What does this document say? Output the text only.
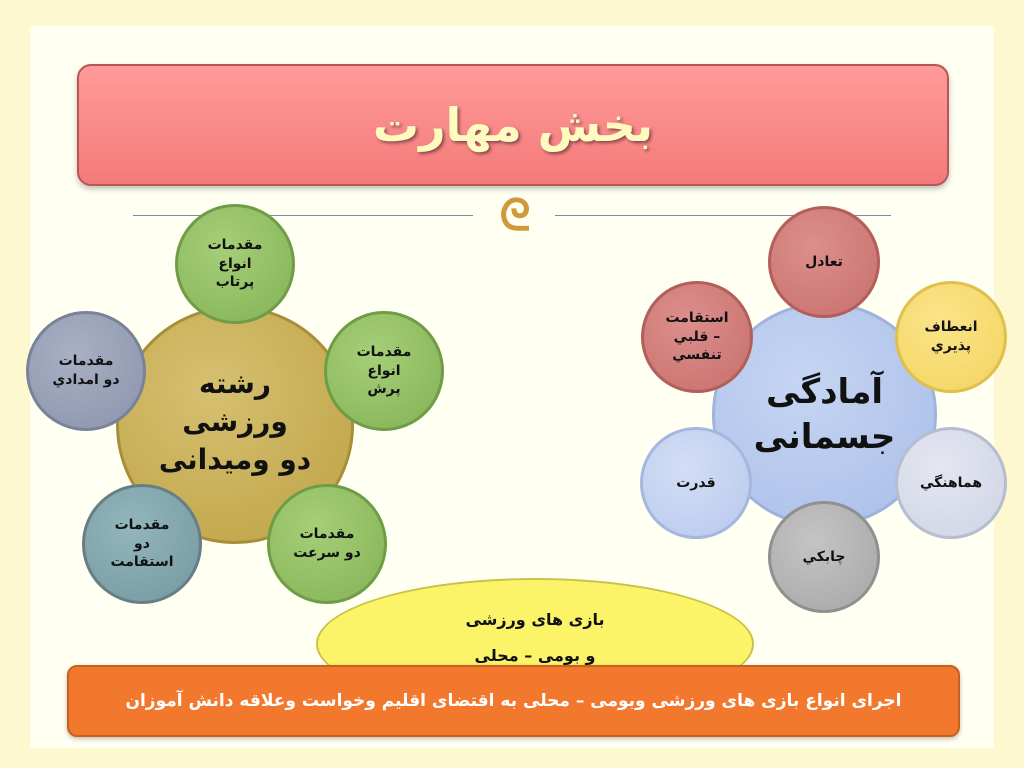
بخش مهارت
ᘓ
رشته
ورزشی
دو ومیدانی
مقدمات
انواع
پرتاب
مقدمات
انواع
پرش
مقدمات
دو امدادي
مقدمات
دو
استقامت
مقدمات
دو سرعت
آمادگی
جسمانی
تعادل
استقامت
قلبي –
تنفسي
انعطاف
پذيري
قدرت	هماهنگي
چابكي
بازی های ورزشی
و بومی – محلی
اجرای انواع بازی های ورزشی وبومی – محلی به اقتضای اقلیم وخواست وعلاقه دانش آموزان
